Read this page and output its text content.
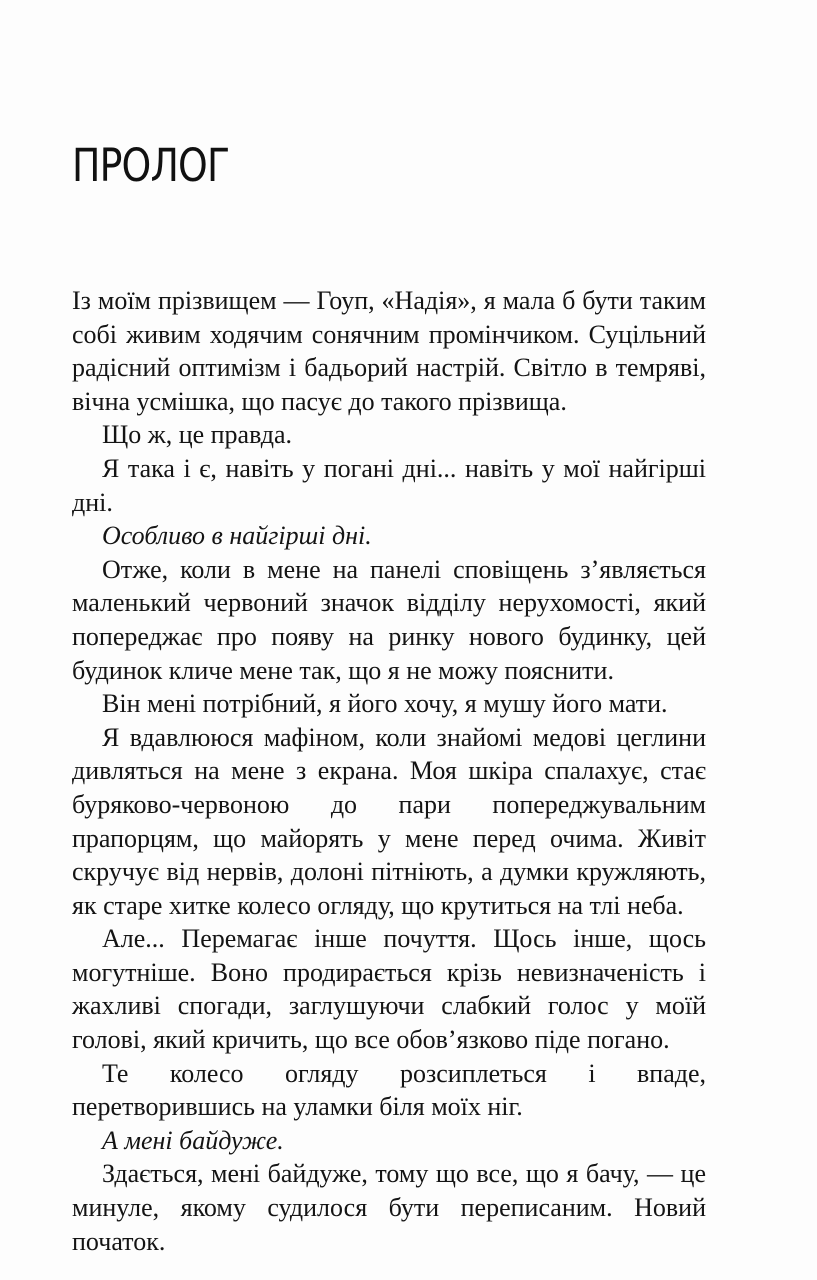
ПРОЛОГ

Із моїм прізвищем — Гоуп, «Надія», я мала б бути таким собі живим ходячим сонячним промінчиком. Суцільний радісний оптимізм і бадьорий настрій. Світло в темряві, вічна усмішка, що пасує до такого прізвища.

Що ж, це правда.

Я така і є, навіть у погані дні... навіть у мої найгірші дні.

Особливо в найгірші дні.

Отже, коли в мене на панелі сповіщень з’являється маленький червоний значок відділу нерухомості, який попереджає про появу на ринку нового будинку, цей будинок кличе мене так, що я не можу пояснити.

Він мені потрібний, я його хочу, я мушу його мати.

Я вдавлююся мафіном, коли знайомі медові цеглини дивляться на мене з екрана. Моя шкіра спалахує, стає буряково-червоною до пари попереджувальним прапорцям, що майорять у мене перед очима. Живіт скручує від нервів, долоні пітніють, а думки кружляють, як старе хитке колесо огляду, що крутиться на тлі неба.

Але... Перемагає інше почуття. Щось інше, щось могутніше. Воно продирається крізь невизначеність і жахливі спогади, заглушуючи слабкий голос у моїй голові, який кричить, що все обов’язково піде погано.

Те колесо огляду розсиплеться і впаде, перетворившись на уламки біля моїх ніг.

А мені байдуже.

Здається, мені байдуже, тому що все, що я бачу, — це минуле, якому судилося бути переписаним. Новий початок.
